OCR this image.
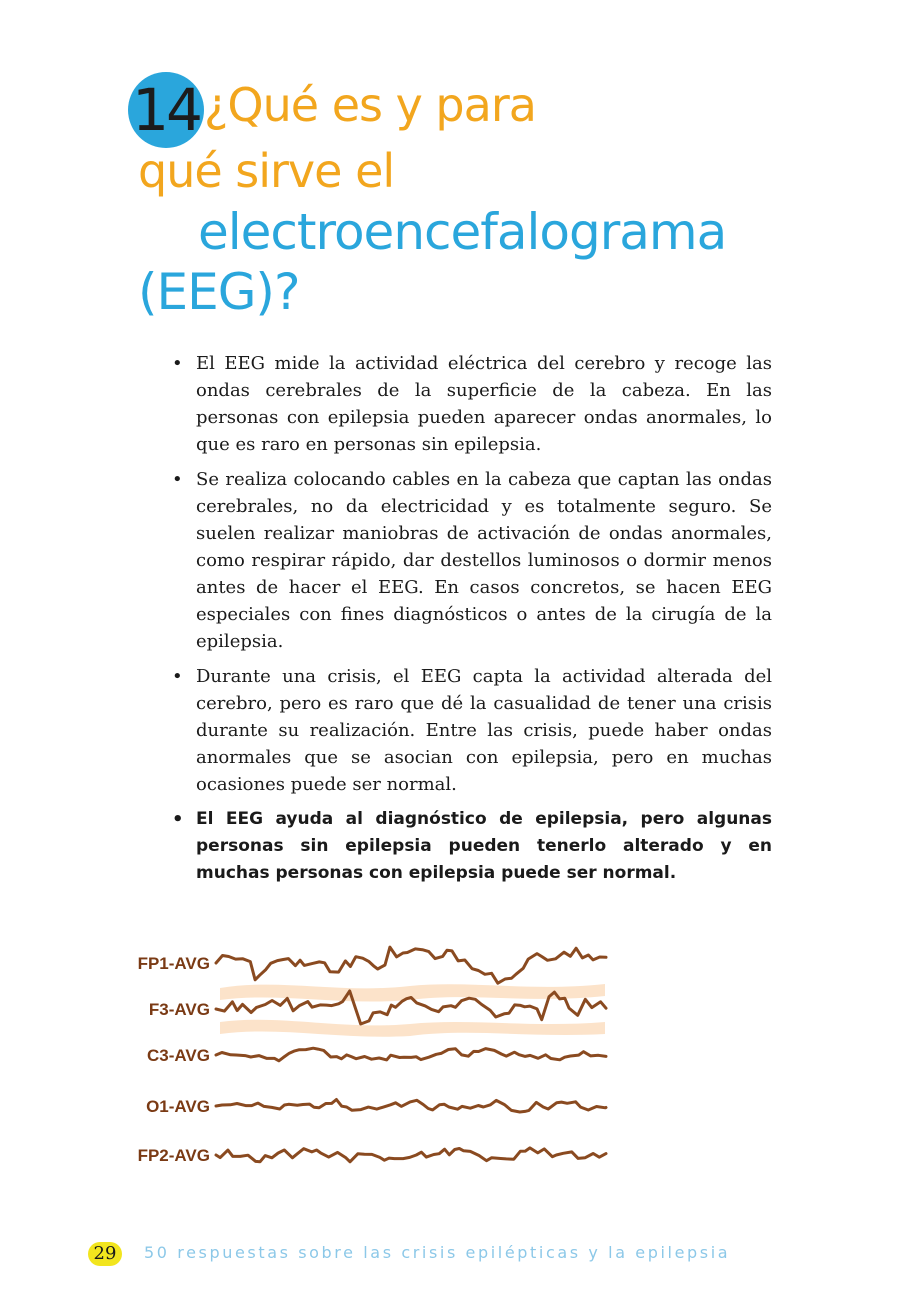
14 ¿Qué es y para
qué sirve el
electroencefalograma
(EEG)?
• El EEG mide la actividad eléctrica del cerebro y recoge las ondas cerebrales de la superficie de la cabeza. En las personas con epilepsia pueden aparecer ondas anormales, lo que es raro en personas sin epilepsia.
• Se realiza colocando cables en la cabeza que captan las ondas cerebrales, no da electricidad y es totalmente seguro. Se suelen realizar maniobras de activación de ondas anormales, como respirar rápido, dar destellos luminosos o dormir menos antes de hacer el EEG. En casos concretos, se hacen EEG especiales con fines diagnósticos o antes de la cirugía de la epilepsia.
• Durante una crisis, el EEG capta la actividad alterada del cerebro, pero es raro que dé la casualidad de tener una crisis durante su realización. Entre las crisis, puede haber ondas anormales que se asocian con epilepsia, pero en muchas ocasiones puede ser normal.
• El EEG ayuda al diagnóstico de epilepsia, pero algunas personas sin epilepsia pueden tenerlo alterado y en muchas personas con epilepsia puede ser normal.
FP1-AVG
F3-AVG
C3-AVG
O1-AVG
FP2-AVG
29	50 respuestas sobre las crisis epilépticas y la epilepsia
